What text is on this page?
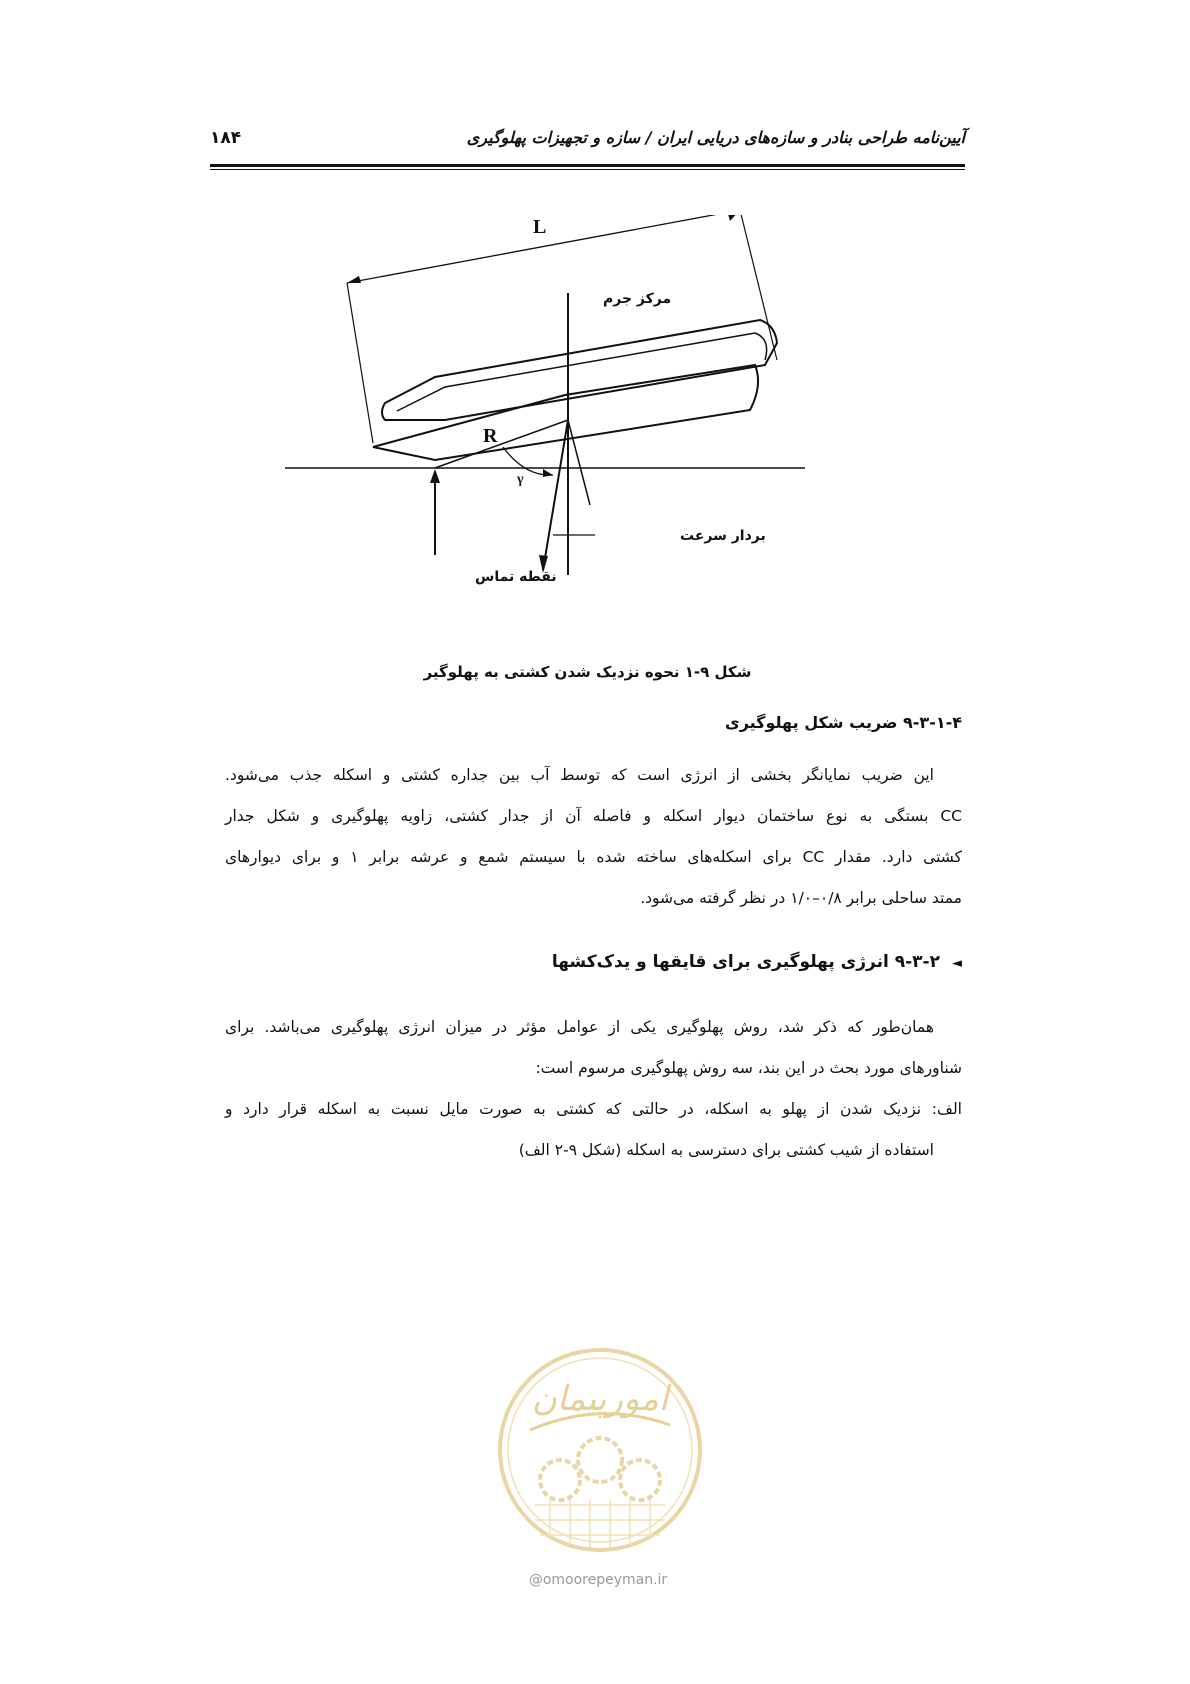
۱۸۴	آیین‌نامه طراحی بنادر و سازه‌های دریایی ایران / سازه و تجهیزات پهلوگیری
L
مرکز جرم
R
γ
نقطه تماس
بردار سرعت
شکل ۹-۱ نحوه نزدیک شدن کشتی به پهلوگیر
۹-۳-۱-۴ ضریب شکل پهلوگیری
این ضریب نمایانگر بخشی از انرژی است که توسط آب بین جداره کشتی و اسکله جذب می‌شود.
CC بستگی به نوع ساختمان دیوار اسکله و فاصله آن از جدار کشتی، زاویه پهلوگیری و شکل جدار
کشتی دارد. مقدار CC برای اسکله‌های ساخته شده با سیستم شمع و عرشه برابر ۱ و برای دیوارهای
ممتد ساحلی برابر ۰/۸–۱/۰ در نظر گرفته می‌شود.
◄۹-۳-۲ انرژی پهلوگیری برای قایقها و یدک‌کشها
همان‌طور که ذکر شد، روش پهلوگیری یکی از عوامل مؤثر در میزان انرژی پهلوگیری می‌باشد. برای
شناورهای مورد بحث در این بند، سه روش پهلوگیری مرسوم است:
الف: نزدیک شدن از پهلو به اسکله، در حالتی که کشتی به صورت مایل نسبت به اسکله قرار دارد و
استفاده از شیب کشتی برای دسترسی به اسکله (شکل ۹-۲ الف)
امورپیمان
@omoorepeyman.ir
